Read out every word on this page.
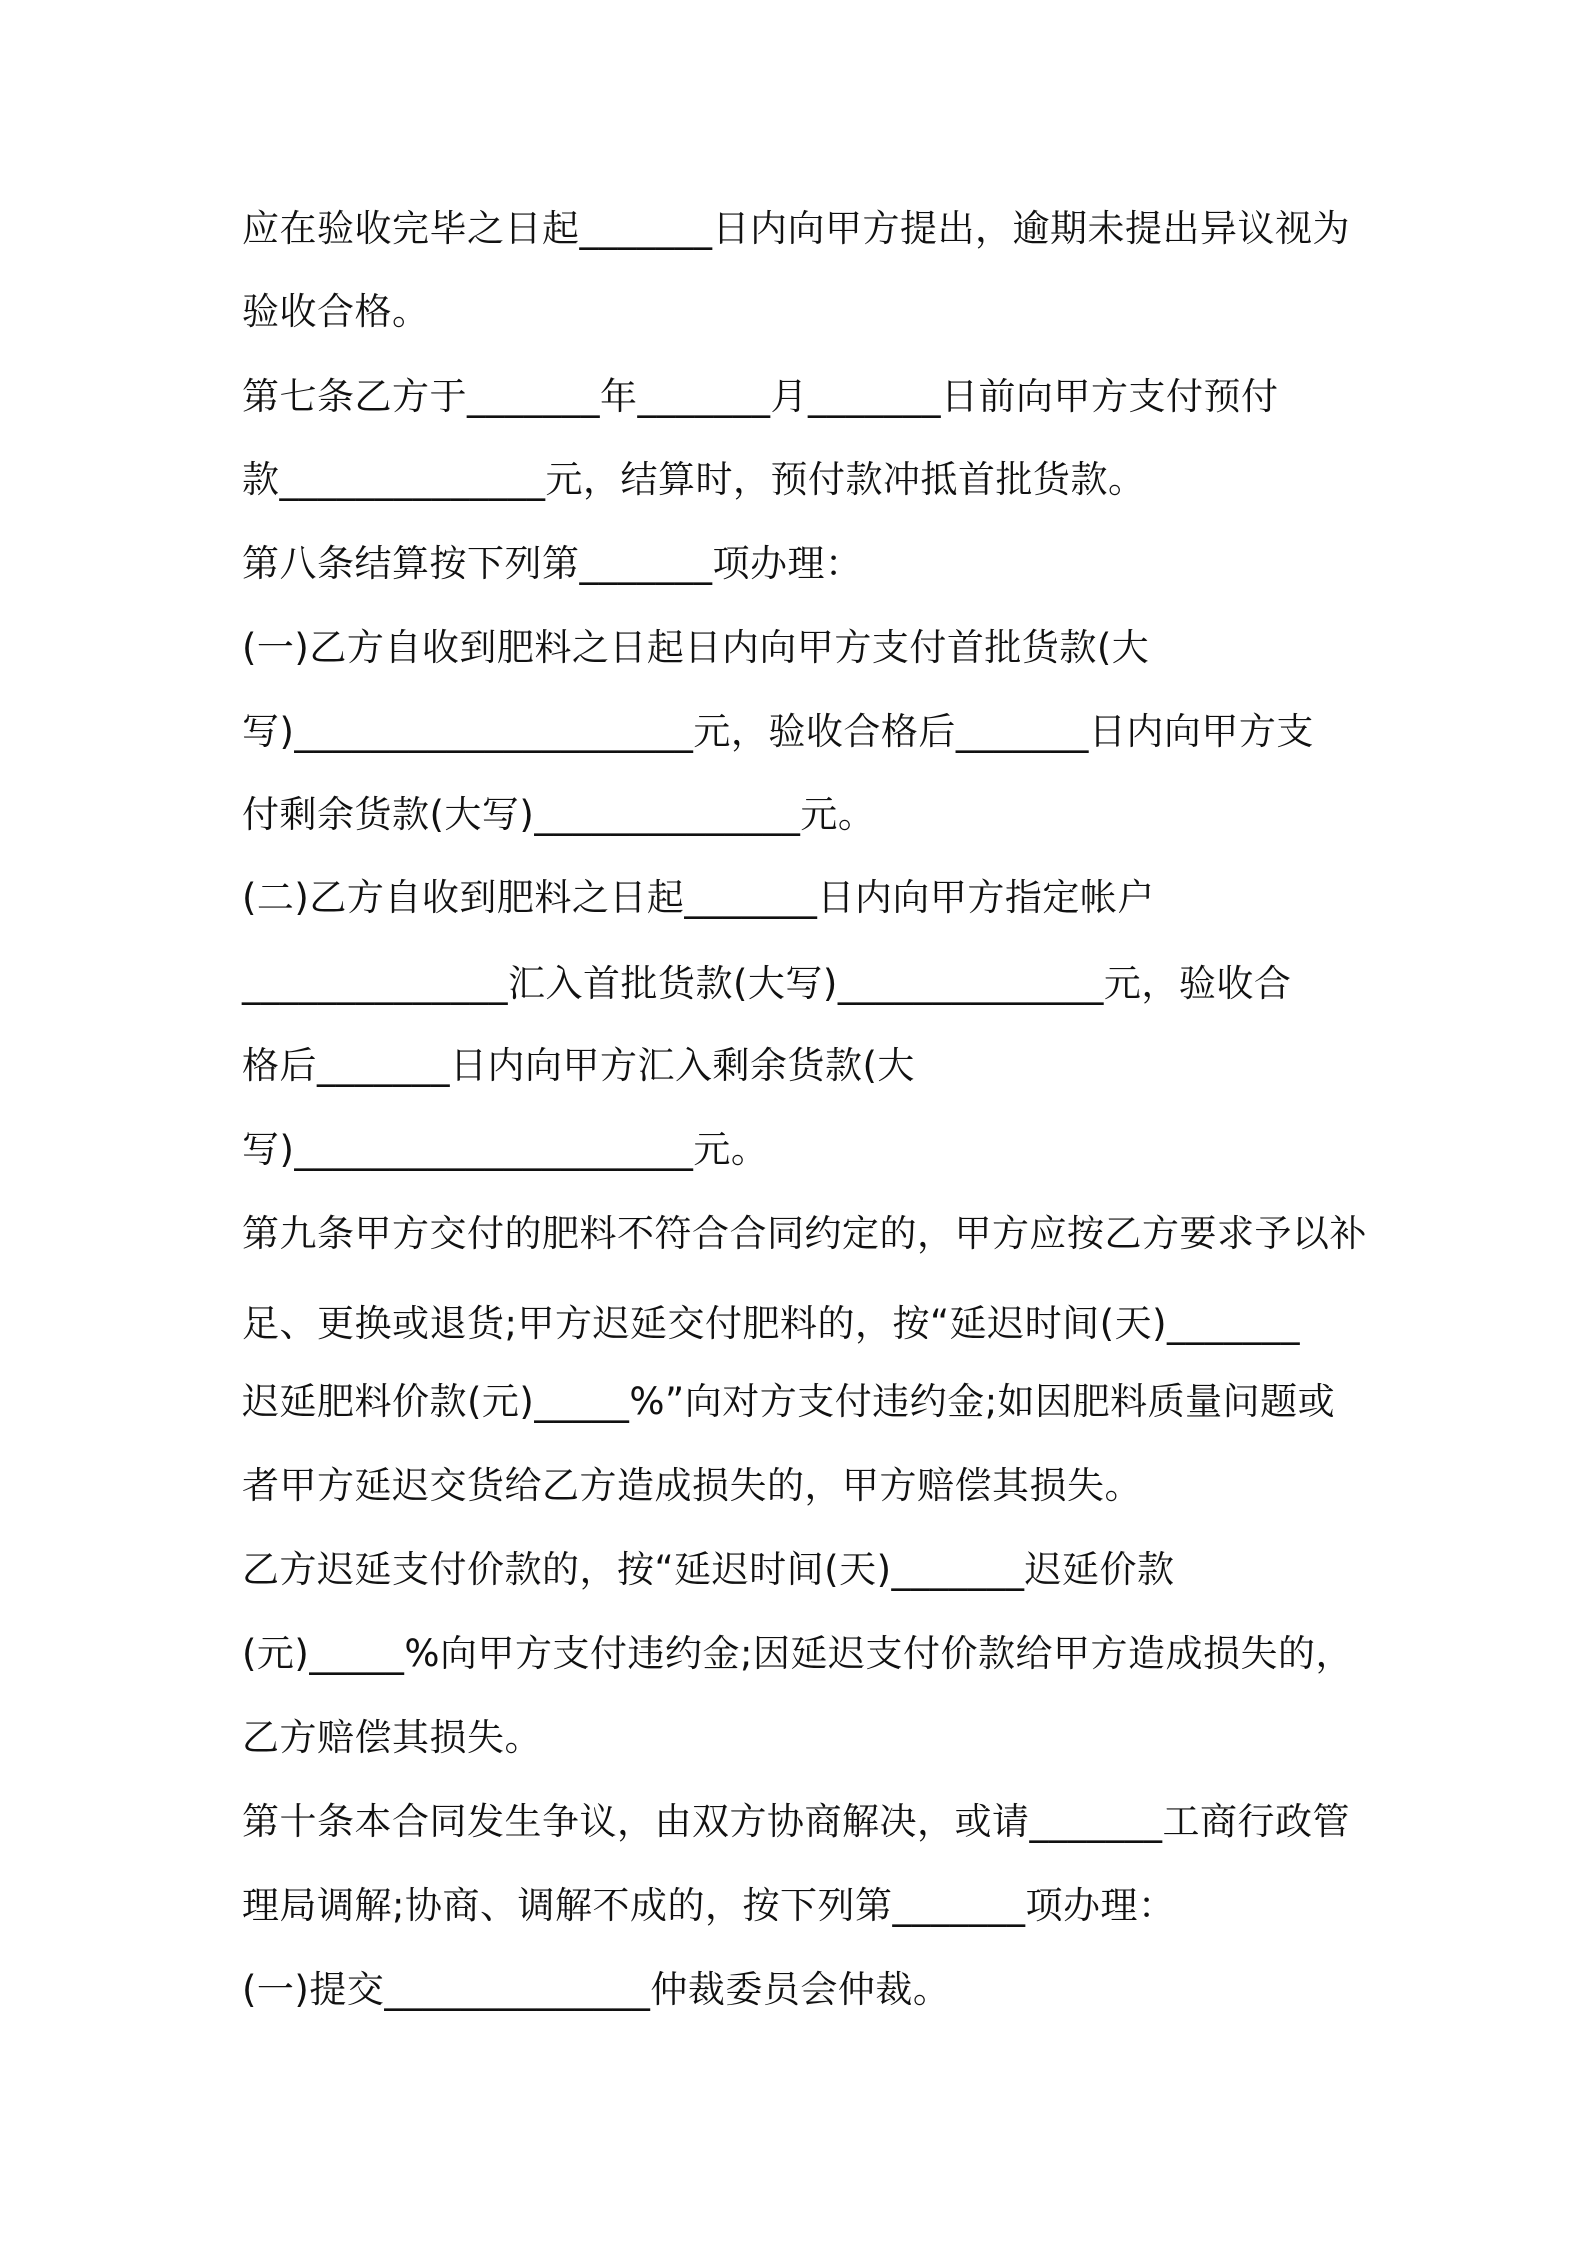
应在验收完毕之日起_______日内向甲方提出，逾期未提出异议视为
验收合格。
第七条乙方于_______年_______月_______日前向甲方支付预付
款______________元，结算时，预付款冲抵首批货款。
第八条结算按下列第_______项办理：
(一)乙方自收到肥料之日起日内向甲方支付首批货款(大
写)_____________________元，验收合格后_______日内向甲方支
付剩余货款(大写)______________元。
(二)乙方自收到肥料之日起_______日内向甲方指定帐户
______________汇入首批货款(大写)______________元，验收合
格后_______日内向甲方汇入剩余货款(大
写)_____________________元。
第九条甲方交付的肥料不符合合同约定的，甲方应按乙方要求予以补
足、更换或退货;甲方迟延交付肥料的，按“延迟时间(天)_______
迟延肥料价款(元)_____%”向对方支付违约金;如因肥料质量问题或
者甲方延迟交货给乙方造成损失的，甲方赔偿其损失。
乙方迟延支付价款的，按“延迟时间(天)_______迟延价款
(元)_____%向甲方支付违约金;因延迟支付价款给甲方造成损失的，
乙方赔偿其损失。
第十条本合同发生争议，由双方协商解决，或请_______工商行政管
理局调解;协商、调解不成的，按下列第_______项办理：
(一)提交______________仲裁委员会仲裁。
